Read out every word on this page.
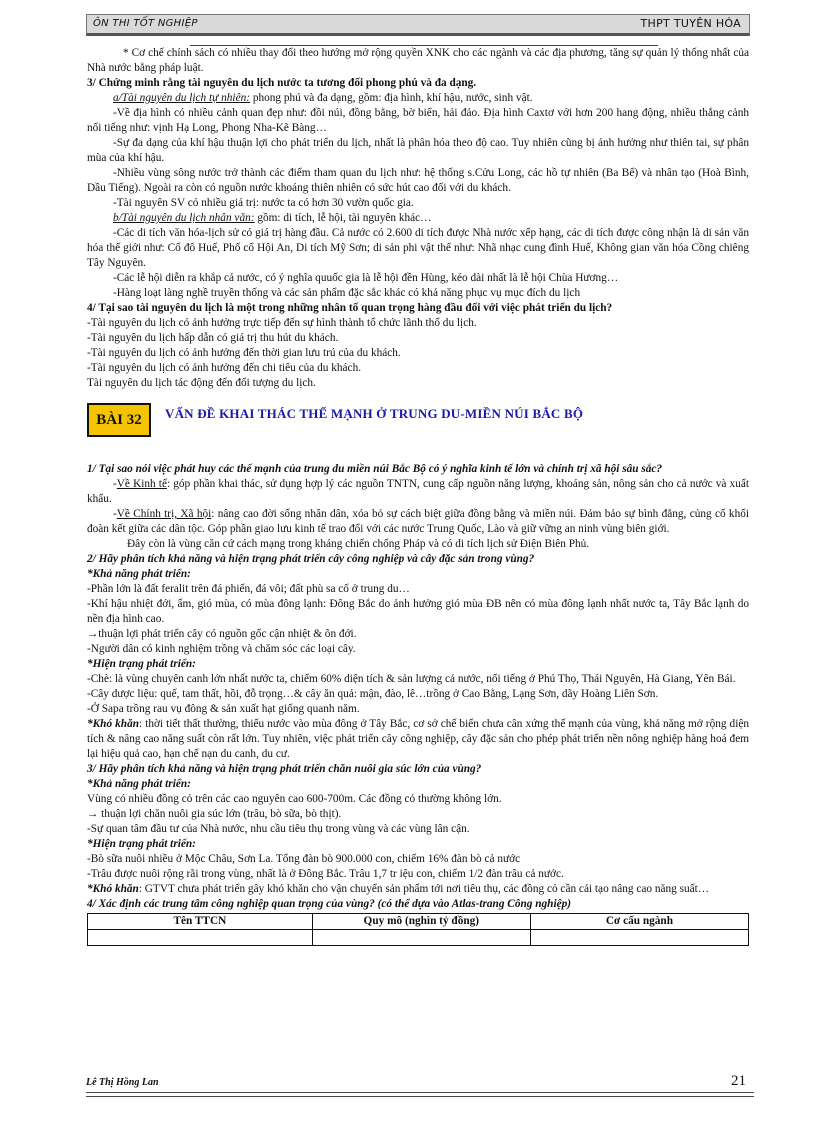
ÔN THI TỐT NGHIỆP	THPT TUYÊN HÓA

* Cơ chế chính sách có nhiều thay đổi theo hướng mở rộng quyền XNK cho các ngành và các địa phương, tăng sự quản lý thống nhất của Nhà nước bằng pháp luật.

3/ Chứng minh rằng tài nguyên du lịch nước ta tương đối phong phú và đa dạng.

a/Tài nguyên du lịch tự nhiên: phong phú và đa dạng, gồm: địa hình, khí hậu, nước, sinh vật.

-Về địa hình có nhiều cảnh quan đẹp như: đồi núi, đồng bằng, bờ biển, hải đảo. Địa hình Caxtơ với hơn 200 hang động, nhiều thắng cảnh nổi tiếng như: vịnh Hạ Long, Phong Nha-Kẽ Bàng…

-Sự đa dạng của khí hậu thuận lợi cho phát triển du lịch, nhất là phân hóa theo độ cao. Tuy nhiên cũng bị ảnh hưởng như thiên tai, sự phân mùa của khí hậu.

-Nhiều vùng sông nước trở thành các điểm tham quan du lịch như: hệ thống s.Cửu Long, các hồ tự nhiên (Ba Bể) và nhân tạo (Hoà Bình, Dầu Tiếng). Ngoài ra còn có nguồn nước khoáng thiên nhiên có sức hút cao đối với du khách.

-Tài nguyên SV có nhiều giá trị: nước ta có hơn 30 vườn quốc gia.

b/Tài nguyên du lịch nhân văn: gồm: di tích, lễ hội, tài nguyên khác…

-Các di tích văn hóa-lịch sử có giá trị hàng đầu. Cả nước có 2.600 di tích được Nhà nước xếp hạng, các di tích được công nhận là di sản văn hóa thế giới như: Cố đô Huế, Phố cổ Hội An, Di tích Mỹ Sơn; di sản phi vật thể như: Nhã nhạc cung đình Huế, Không gian văn hóa Cồng chiêng Tây Nguyên.

-Các lễ hội diễn ra khắp cả nước, có ý nghĩa quuốc gia là lễ hội đền Hùng, kéo dài nhất là lễ hội Chùa Hương…

-Hàng loạt làng nghề truyền thống và các sản phẩm đặc sắc khác có khả năng phục vụ mục đích du lịch

4/ Tại sao tài nguyên du lịch là một trong những nhân tố quan trọng hàng đầu đối với việc phát triển du lịch?

-Tài nguyên du lịch có ảnh hưởng trực tiếp đến sự hình thành tổ chức lãnh thổ du lịch.

-Tài nguyên du lịch hấp dẫn có giá trị thu hút du khách.

-Tài nguyên du lịch có ảnh hưởng đến thời gian lưu trú của du khách.

-Tài nguyên du lịch có ảnh hưởng đến chi tiêu của du khách.

Tài nguyên du lịch tác động đến đối tượng du lịch.

BÀI 32	VẤN ĐỀ KHAI THÁC THẾ MẠNH Ở TRUNG DU-MIỀN NÚI BẮC BỘ

1/ Tại sao nói việc phát huy các thế mạnh của trung du miền núi Bắc Bộ có ý nghĩa kinh tế lớn và chính trị xã hội sâu sắc?

-Về Kinh tế: góp phần khai thác, sử dụng hợp lý các nguồn TNTN, cung cấp nguồn năng lượng, khoáng sản, nông sản cho cả nước và xuất khẩu.

-Về Chính trị, Xã hội: nâng cao đời sống nhân dân, xóa bỏ sự cách biệt giữa đồng bằng và miền núi. Đảm bảo sự bình đẳng, củng cố khối đoàn kết giữa các dân tộc. Góp phần giao lưu kinh tế trao đổi với các nước Trung Quốc, Lào và giữ vững an ninh vùng biên giới.

Đây còn là vùng căn cứ cách mạng trong kháng chiến chống Pháp và có di tích lịch sử Điện Biên Phủ.

2/ Hãy phân tích khả năng và hiện trạng phát triển cây công nghiệp và cây đặc sản trong vùng?

*Khả năng phát triển:

-Phần lớn là đất feralit trên đá phiến, đá vôi; đất phù sa cổ ở trung du…

-Khí hậu nhiệt đới, ẩm, gió mùa, có mùa đông lạnh: Đông Bắc do ảnh hưởng gió mùa ĐB nên có mùa đông lạnh nhất nước ta, Tây Bắc lạnh do nền địa hình cao.

→thuận lợi phát triển cây có nguồn gốc cận nhiệt & ôn đới.

-Người dân có kinh nghiệm trồng và chăm sóc các loại cây.

*Hiện trạng phát triển:

-Chè: là vùng chuyên canh lớn nhất nước ta, chiếm 60% diện tích & sản lượng cả nước, nổi tiếng ở Phú Thọ, Thái Nguyên, Hà Giang, Yên Bái.

-Cây dược liệu: quế, tam thất, hồi, đỗ trọng…& cây ăn quả: mận, đào, lê…trồng ở Cao Bằng, Lạng Sơn, dãy Hoàng Liên Sơn.

-Ở Sapa trồng rau vụ đông & sản xuất hạt giống quanh năm.

*Khó khăn: thời tiết thất thường, thiếu nước vào mùa đông ở Tây Bắc, cơ sở chế biến chưa cân xứng thế mạnh của vùng, khả năng mở rộng diện tích & nâng cao năng suất còn rất lớn. Tuy nhiên, việc phát triển cây công nghiệp, cây đặc sản cho phép phát triển nền nông nghiệp hàng hoá đem lại hiệu quả cao, hạn chế nạn du canh, du cư.

3/ Hãy phân tích khả năng và hiện trạng phát triển chăn nuôi gia súc lớn của vùng?

*Khả năng phát triển:

Vùng có nhiều đồng cỏ trên các cao nguyên cao 600-700m. Các đồng cỏ thường không lớn.

→ thuận lợi chăn nuôi gia súc lớn (trâu, bò sữa, bò thịt).

-Sự quan tâm đầu tư của Nhà nước, nhu cầu tiêu thụ trong vùng và các vùng lân cận.

*Hiện trạng phát triển:

-Bò sữa nuôi nhiều ở Mộc Châu, Sơn La. Tổng đàn bò 900.000 con, chiếm 16% đàn bò cả nước

-Trâu được nuôi rộng rãi trong vùng, nhất là ở Đông Bắc. Trâu 1,7 tr iệu con, chiếm 1/2 đàn trâu cả nước.

*Khó khăn: GTVT chưa phát triển gây khó khăn cho vận chuyển sản phẩm tới nơi tiêu thụ, các đồng cỏ cần cải tạo nâng cao năng suất…

4/ Xác định các trung tâm công nghiệp quan trọng của vùng? (có thể dựa vào Atlas-trang Công nghiệp)

Tên TTCN	Quy mô (nghìn tỷ đồng)	Cơ cấu ngành

Lê Thị Hồng Lan	21
